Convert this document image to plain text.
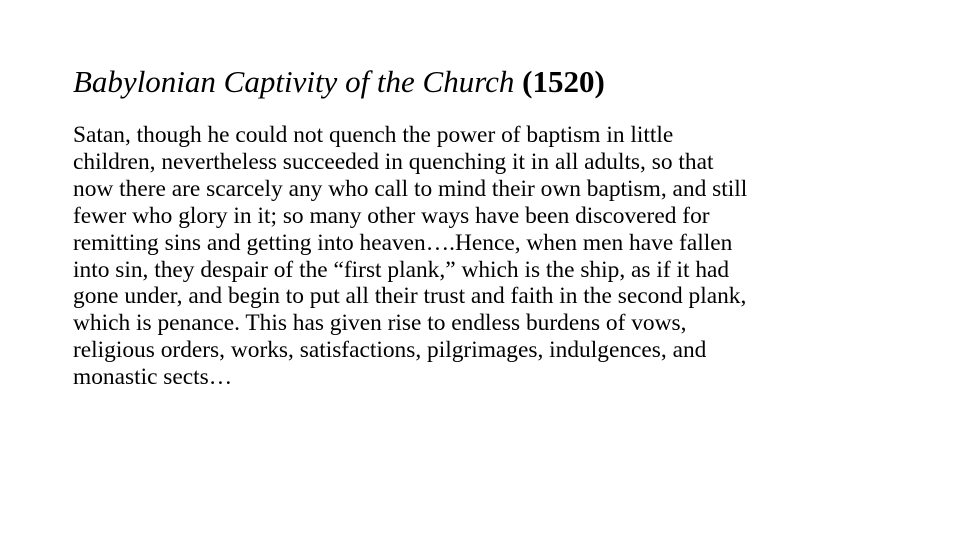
Babylonian Captivity of the Church (1520)
Satan, though he could not quench the power of baptism in little
children, nevertheless succeeded in quenching it in all adults, so that
now there are scarcely any who call to mind their own baptism, and still
fewer who glory in it; so many other ways have been discovered for
remitting sins and getting into heaven….Hence, when men have fallen
into sin, they despair of the “first plank,” which is the ship, as if it had
gone under, and begin to put all their trust and faith in the second plank,
which is penance. This has given rise to endless burdens of vows,
religious orders, works, satisfactions, pilgrimages, indulgences, and
monastic sects…
